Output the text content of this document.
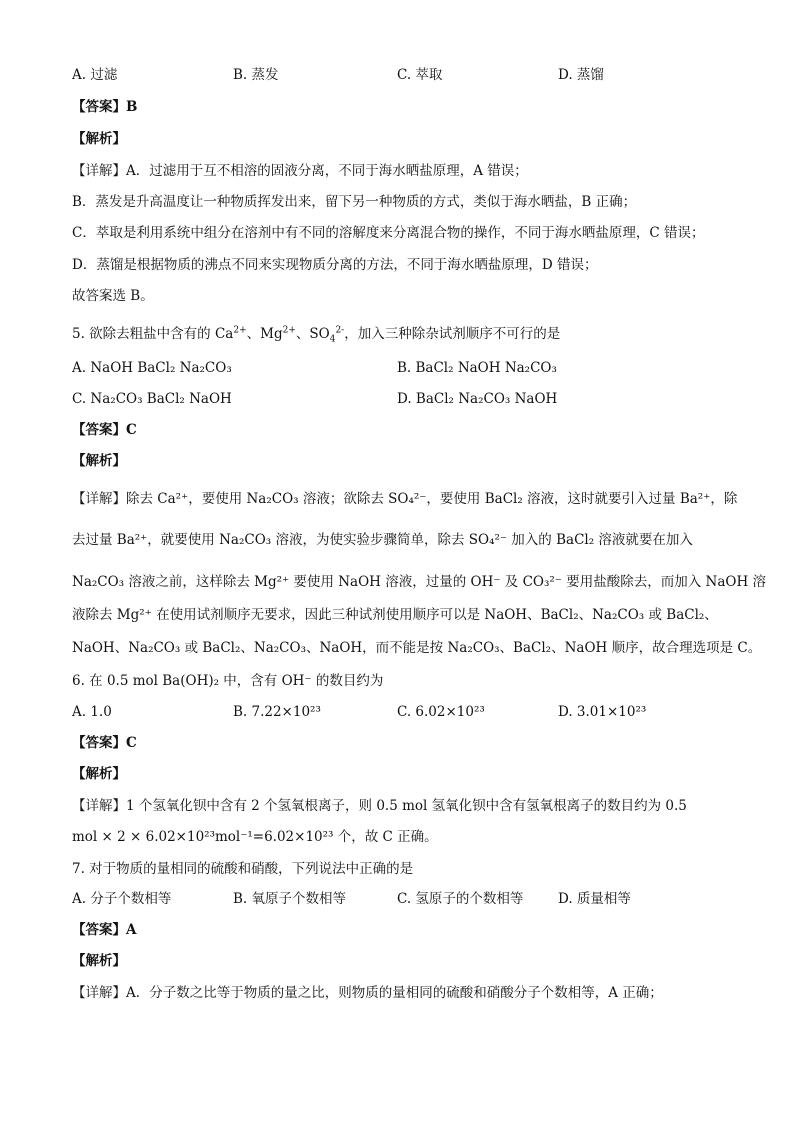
A. 过滤	B. 蒸发	C. 萃取	D. 蒸馏
【答案】B
【解析】
【详解】A．过滤用于互不相溶的固液分离，不同于海水晒盐原理，A 错误；
B．蒸发是升高温度让一种物质挥发出来，留下另一种物质的方式，类似于海水晒盐，B 正确；
C．萃取是利用系统中组分在溶剂中有不同的溶解度来分离混合物的操作，不同于海水晒盐原理，C 错误；
D．蒸馏是根据物质的沸点不同来实现物质分离的方法，不同于海水晒盐原理，D 错误；
故答案选 B。
5. 欲除去粗盐中含有的 $Ca^{2+}$、$Mg^{2+}$、$SO_4^{2-}$，加入三种除杂试剂顺序不可行的是
A. NaOH BaCl₂ Na₂CO₃	B. BaCl₂ NaOH Na₂CO₃
C. Na₂CO₃ BaCl₂ NaOH	D. BaCl₂ Na₂CO₃ NaOH
【答案】C
【解析】
【详解】除去 Ca²⁺，要使用 Na₂CO₃ 溶液；欲除去 SO₄²⁻，要使用 BaCl₂ 溶液，这时就要引入过量 Ba²⁺，除
去过量 Ba²⁺，就要使用 Na₂CO₃ 溶液，为使实验步骤简单，除去 SO₄²⁻ 加入的 BaCl₂ 溶液就要在加入
Na₂CO₃ 溶液之前，这样除去 Mg²⁺ 要使用 NaOH 溶液，过量的 OH⁻ 及 CO₃²⁻ 要用盐酸除去，而加入 NaOH 溶
液除去 Mg²⁺ 在使用试剂顺序无要求，因此三种试剂使用顺序可以是 NaOH、BaCl₂、Na₂CO₃ 或 BaCl₂、
NaOH、Na₂CO₃ 或 BaCl₂、Na₂CO₃、NaOH，而不能是按 Na₂CO₃、BaCl₂、NaOH 顺序，故合理选项是 C。
6. 在 0.5 mol Ba(OH)₂ 中，含有 OH⁻ 的数目约为
A. 1.0	B. 7.22×10²³	C. 6.02×10²³	D. 3.01×10²³
【答案】C
【解析】
【详解】1 个氢氧化钡中含有 2 个氢氧根离子，则 0.5 mol 氢氧化钡中含有氢氧根离子的数目约为 0.5
mol × 2 × 6.02×10²³mol⁻¹=6.02×10²³ 个，故 C 正确。
7. 对于物质的量相同的硫酸和硝酸，下列说法中正确的是
A. 分子个数相等	B. 氧原子个数相等	C. 氢原子的个数相等	D. 质量相等
【答案】A
【解析】
【详解】A．分子数之比等于物质的量之比，则物质的量相同的硫酸和硝酸分子个数相等，A 正确；
